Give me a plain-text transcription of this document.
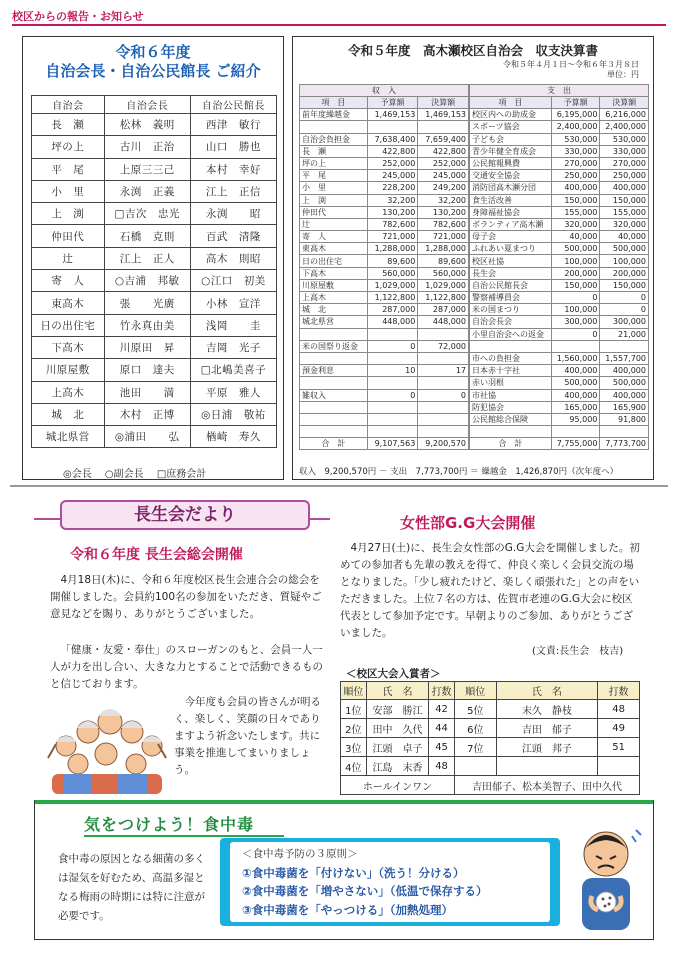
校区からの報告・お知らせ
令和６年度
自治会長・自治公民館長 ご紹介
自治会	自治会長	自治公民館長
長　瀬	松林　義明	西津　敏行
坪の上	古川　正治	山口　勝也
平　尾	上原三三己	本村　幸好
小　里	永渕　正義	江上　正信
上　渕	□吉次　忠光	永渕　　昭
仲田代	石橋　克則	百武　清隆
辻	江上　正人	高木　則昭
寄　人	○吉浦　邦敏	○江口　初美
東高木	張　　光廣	小林　宣洋
日の出住宅	竹永真由美	浅岡　　圭
下高木	川原田　昇	吉岡　光子
川原屋敷	原口　達夫	□北嶋美喜子
上高木	池田　　満	平原　雅人
城　北	木村　正博	◎日浦　敬祐
城北県営	◎浦田　　弘	楢崎　寿久
◎会長 ○副会長 □庶務会計
令和５年度　高木瀬校区自治会　収支決算書
令和５年４月１日～令和６年３月８日
単位：円
収　入		
項　目	予算額	決算額
前年度繰越金	1,469,153	1,469,153

自治会負担金	7,638,400	7,659,400
長　瀬	422,800	422,800
坪の上	252,000	252,000
平　尾	245,000	245,000
小　里	228,200	249,200
上　渕	32,200	32,200
仲田代	130,200	130,200
辻	782,600	782,600
寄　人	721,000	721,000
東高木	1,288,000	1,288,000
日の出住宅	89,600	89,600
下高木	560,000	560,000
川原屋敷	1,029,000	1,029,000
上高木	1,122,800	1,122,800
城　北	287,000	287,000
城北県営	448,000	448,000

米の国祭り返金	0	72,000

預金利息	10	17

雑収入	0	0

合　計	9,107,563	9,200,570
支　出		
項　目	予算額	決算額
校区内への助成金	6,195,000	6,216,000
スポーツ協会	2,400,000	2,400,000
子ども会	530,000	530,000
青少年健全育成会	330,000	330,000
公民館報興費	270,000	270,000
交通安全協会	250,000	250,000
消防団高木瀬分団	400,000	400,000
食生活改善	150,000	150,000
身障福祉協会	155,000	155,000
ボランティア高木瀬	320,000	320,000
母子会	40,000	40,000
ふれあい夏まつり	500,000	500,000
校区社協	100,000	100,000
長生会	200,000	200,000
自治公民館長会	150,000	150,000
警察補導員会	0	0
米の国まつり	100,000	0
自治会長会	300,000	300,000
小里自治会への返金	0	21,000

市への負担金	1,560,000	1,557,700
日本赤十字社	400,000	400,000
赤い羽根	500,000	500,000
市社協	400,000	400,000
防犯協会	165,000	165,900
公民館総合保険	95,000	91,800

合　計	7,755,000	7,773,700
収入　9,200,570円 － 支出　7,773,700円 ＝ 繰越金　1,426,870円（次年度へ）
長生会だより
令和６年度 長生会総会開催
4月18日(木)に、令和６年度校区長生会連合会の総会を開催しました。会員約100名の参加をいただき、質疑やご意見などを賜り、ありがとうございました。
「健康・友愛・奉仕」のスローガンのもと、会員一人一人が力を出し合い、大きな力とすることで活動できるものと信じております。
今年度も会員の皆さんが明るく、楽しく、笑顔の日々でありますよう祈念いたします。共に事業を推進してまいりましょう。
女性部G.G大会開催
4月27日(土)に、長生会女性部のG.G大会を開催しました。初めての参加者も先輩の教えを得て、仲良く楽しく会員交流の場となりました。「少し疲れたけど、楽しく頑張れた」との声をいただきました。上位７名の方は、佐賀市老連のG.G大会に校区代表として参加予定です。早朝よりのご参加、ありがとうございました。
(文責:長生会　枝吉)
＜校区大会入賞者＞
順位	氏　名	打数	順位	氏　名	打数
1位	安部　勝江	42	5位	末久　静枝	48
2位	田中　久代	44	6位	吉田　郁子	49
3位	江頭　卓子	45	7位	江頭　邦子	51
4位	江島　末香	48			
ホールインワン			吉田郁子、松本美智子、田中久代		
気をつけよう！食中毒
食中毒の原因となる細菌の多くは湿気を好むため、高温多湿となる梅雨の時期には特に注意が必要です。
＜食中毒予防の３原則＞
①食中毒菌を「付けない」（洗う！分ける）
②食中毒菌を「増やさない」（低温で保存する）
③食中毒菌を「やっつける」（加熱処理）
